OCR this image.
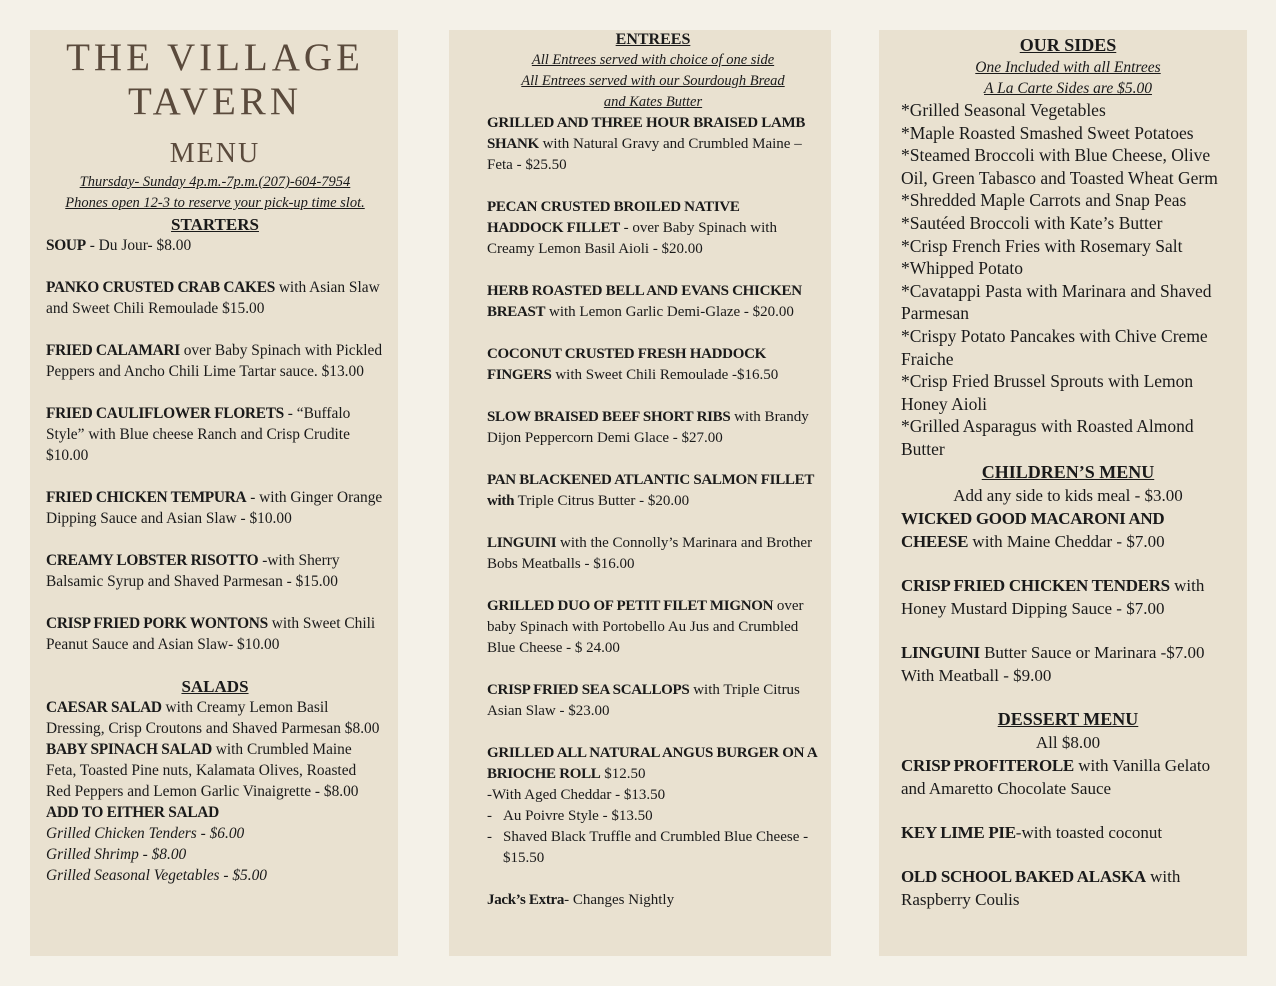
THE VILLAGE
TAVERN
MENU
Thursday- Sunday 4p.m.-7p.m.(207)-604-7954
Phones open 12-3 to reserve your pick-up time slot.
STARTERS

SOUP - Du Jour- $8.00

PANKO CRUSTED CRAB CAKES with Asian Slaw and Sweet Chili Remoulade $15.00

FRIED CALAMARI over Baby Spinach with Pickled Peppers and Ancho Chili Lime Tartar sauce. $13.00

FRIED CAULIFLOWER FLORETS - “Buffalo Style” with Blue cheese Ranch and Crisp Crudite $10.00

FRIED CHICKEN TEMPURA - with Ginger Orange Dipping Sauce and Asian Slaw - $10.00

CREAMY LOBSTER RISOTTO -with Sherry Balsamic Syrup and Shaved Parmesan - $15.00

CRISP FRIED PORK WONTONS with Sweet Chili Peanut Sauce and Asian Slaw- $10.00

SALADS

CAESAR SALAD with Creamy Lemon Basil Dressing, Crisp Croutons and Shaved Parmesan $8.00

BABY SPINACH SALAD with Crumbled Maine Feta, Toasted Pine nuts, Kalamata Olives, Roasted Red Peppers and Lemon Garlic Vinaigrette - $8.00

ADD TO EITHER SALAD

Grilled Chicken Tenders - $6.00
Grilled Shrimp - $8.00
Grilled Seasonal Vegetables - $5.00
ENTREES
All Entrees served with choice of one side
All Entrees served with our Sourdough Bread
and Kates Butter

GRILLED AND THREE HOUR BRAISED LAMB SHANK with Natural Gravy and Crumbled Maine – Feta - $25.50

PECAN CRUSTED BROILED NATIVE HADDOCK FILLET - over Baby Spinach with Creamy Lemon Basil Aioli - $20.00

HERB ROASTED BELL AND EVANS CHICKEN BREAST with Lemon Garlic Demi-Glaze - $20.00

COCONUT CRUSTED FRESH HADDOCK FINGERS with Sweet Chili Remoulade -$16.50

SLOW BRAISED BEEF SHORT RIBS with Brandy Dijon Peppercorn Demi Glace - $27.00

PAN BLACKENED ATLANTIC SALMON FILLET with Triple Citrus Butter - $20.00

LINGUINI with the Connolly’s Marinara and Brother Bobs Meatballs - $16.00

GRILLED DUO OF PETIT FILET MIGNON over baby Spinach with Portobello Au Jus and Crumbled Blue Cheese - $ 24.00

CRISP FRIED SEA SCALLOPS with Triple Citrus Asian Slaw - $23.00

GRILLED ALL NATURAL ANGUS BURGER ON A BRIOCHE ROLL $12.50

-With Aged Cheddar - $13.50
- Au Poivre Style - $13.50
- Shaved Black Truffle and Crumbled Blue Cheese - $15.50

Jack’s Extra- Changes Nightly

OUR SIDES
One Included with all Entrees
A La Carte Sides are $5.00
*Grilled Seasonal Vegetables
*Maple Roasted Smashed Sweet Potatoes
*Steamed Broccoli with Blue Cheese, Olive Oil, Green Tabasco and Toasted Wheat Germ
*Shredded Maple Carrots and Snap Peas
*Sautéed Broccoli with Kate’s Butter
*Crisp French Fries with Rosemary Salt
*Whipped Potato
*Cavatappi Pasta with Marinara and Shaved Parmesan
*Crispy Potato Pancakes with Chive Creme Fraiche
*Crisp Fried Brussel Sprouts with Lemon Honey Aioli
*Grilled Asparagus with Roasted Almond Butter
CHILDREN’S MENU
Add any side to kids meal - $3.00

WICKED GOOD MACARONI AND CHEESE with Maine Cheddar - $7.00

CRISP FRIED CHICKEN TENDERS with Honey Mustard Dipping Sauce - $7.00

LINGUINI Butter Sauce or Marinara -$7.00

With Meatball - $9.00
DESSERT MENU
All $8.00

CRISP PROFITEROLE with Vanilla Gelato and Amaretto Chocolate Sauce

KEY LIME PIE-with toasted coconut

OLD SCHOOL BAKED ALASKA with Raspberry Coulis
